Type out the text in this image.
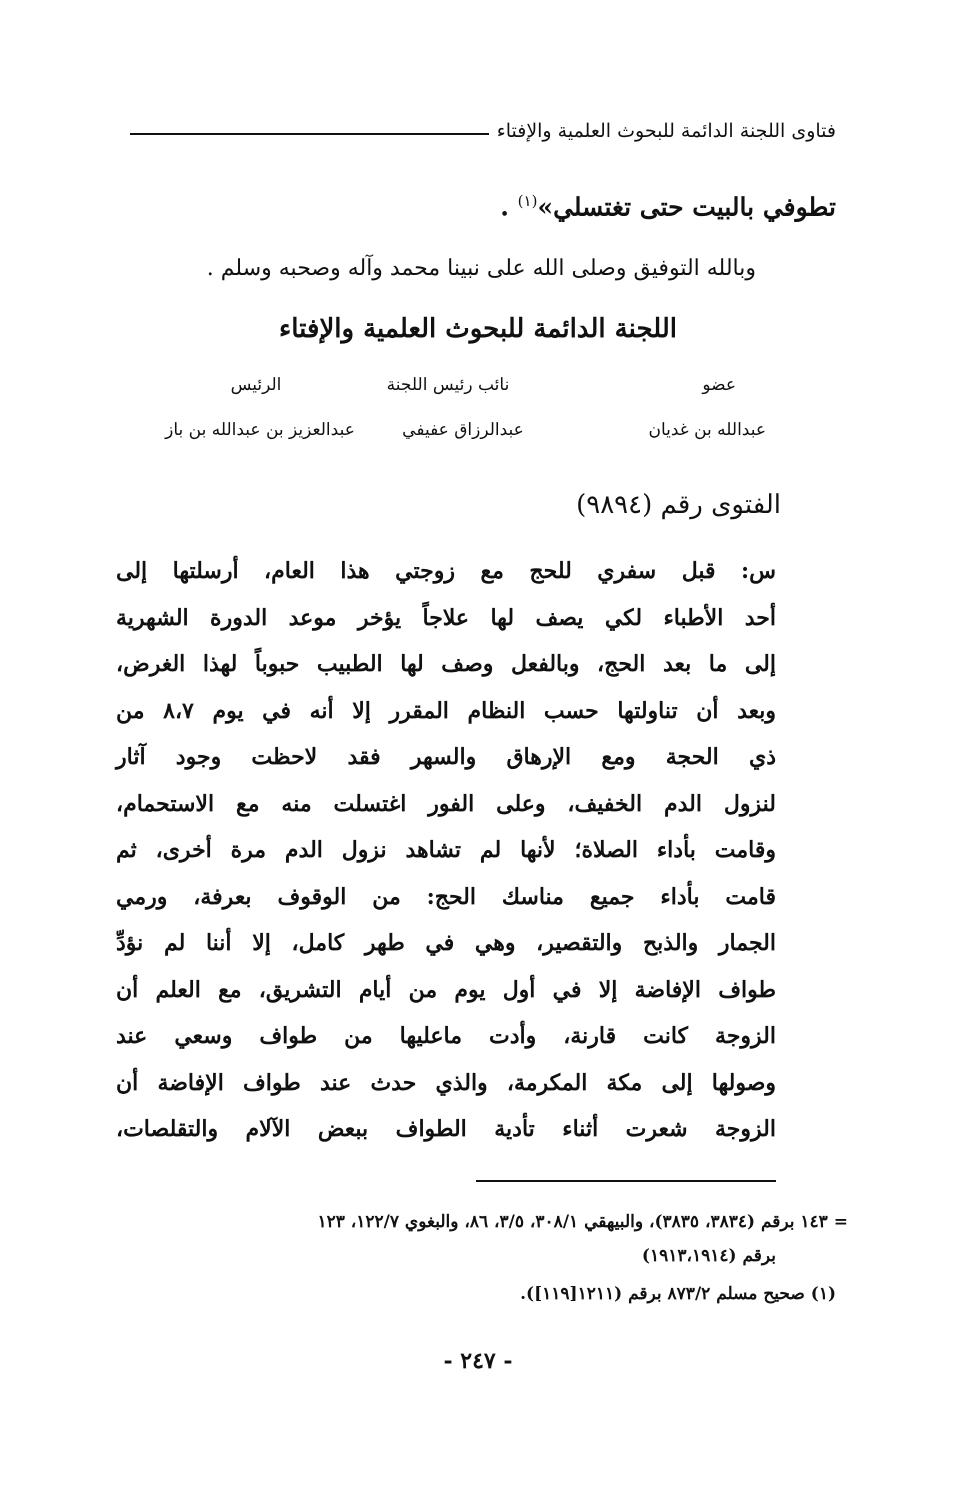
فتاوى اللجنة الدائمة للبحوث العلمية والإفتاء
تطوفي بالبيت حتى تغتسلي»$^{(١)}$ .
وبالله التوفيق وصلى الله على نبينا محمد وآله وصحبه وسلم .
اللجنة الدائمة للبحوث العلمية والإفتاء
عضو
نائب رئيس اللجنة
الرئيس
عبدالله بن غديان
عبدالرزاق عفيفي
عبدالعزيز بن عبدالله بن باز
الفتوى رقم (٩٨٩٤)
س: قبل سفري للحج مع زوجتي هذا العام، أرسلتها إلى
أحد الأطباء لكي يصف لها علاجاً يؤخر موعد الدورة الشهرية
إلى ما بعد الحج، وبالفعل وصف لها الطبيب حبوباً لهذا الغرض،
وبعد أن تناولتها حسب النظام المقرر إلا أنه في يوم ٨،٧ من
ذي الحجة ومع الإرهاق والسهر فقد لاحظت وجود آثار
لنزول الدم الخفيف، وعلى الفور اغتسلت منه مع الاستحمام،
وقامت بأداء الصلاة؛ لأنها لم تشاهد نزول الدم مرة أخرى، ثم
قامت بأداء جميع مناسك الحج: من الوقوف بعرفة، ورمي
الجمار والذبح والتقصير، وهي في طهر كامل، إلا أننا لم نؤدِّ
طواف الإفاضة إلا في أول يوم من أيام التشريق، مع العلم أن
الزوجة كانت قارنة، وأدت ماعليها من طواف وسعي عند
وصولها إلى مكة المكرمة، والذي حدث عند طواف الإفاضة أن
الزوجة شعرت أثناء تأدية الطواف ببعض الآلام والتقلصات،
= ١٤٣ برقم (٣٨٣٤، ٣٨٣٥)، والبيهقي ٣٠٨/١، ٣/٥، ٨٦، والبغوي ١٢٢/٧، ١٢٣
برقم (١٩١٣،١٩١٤)
(١) صحيح مسلم ٨٧٣/٢ برقم (١٢١١[١١٩]).
- ٢٤٧ -
